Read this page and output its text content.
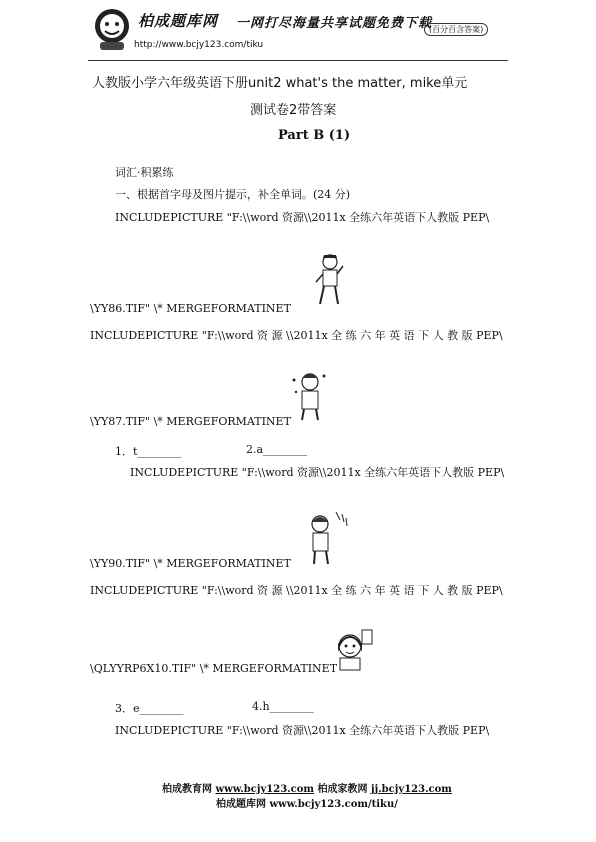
柏成题库网 一网打尽海量共享试题免费下载
(百分百含答案)
http://www.bcjy123.com/tiku
人教版小学六年级英语下册unit2 what's the matter, mike单元
测试卷2带答案
Part B (1)
词汇·积累练
一、根据首字母及图片提示，补全单词。(24 分)
INCLUDEPICTURE "F:\\word 资源\\2011x 全练六年英语下人教版 PEP\
\YY86.TIF" \* MERGEFORMATINET
INCLUDEPICTURE "F:\\word 资 源 \\2011x 全 练 六 年 英 语 下 人 教 版 PEP\
\YY87.TIF" \* MERGEFORMATINET
1．t________	2.a________
INCLUDEPICTURE "F:\\word 资源\\2011x 全练六年英语下人教版 PEP\
\YY90.TIF" \* MERGEFORMATINET
INCLUDEPICTURE "F:\\word 资 源 \\2011x 全 练 六 年 英 语 下 人 教 版 PEP\
\QLYYRP6X10.TIF" \* MERGEFORMATINET
3．e________	4.h________
INCLUDEPICTURE "F:\\word 资源\\2011x 全练六年英语下人教版 PEP\
柏成教育网 www.bcjy123.com 柏成家教网 jj.bcjy123.com
柏成题库网 www.bcjy123.com/tiku/
